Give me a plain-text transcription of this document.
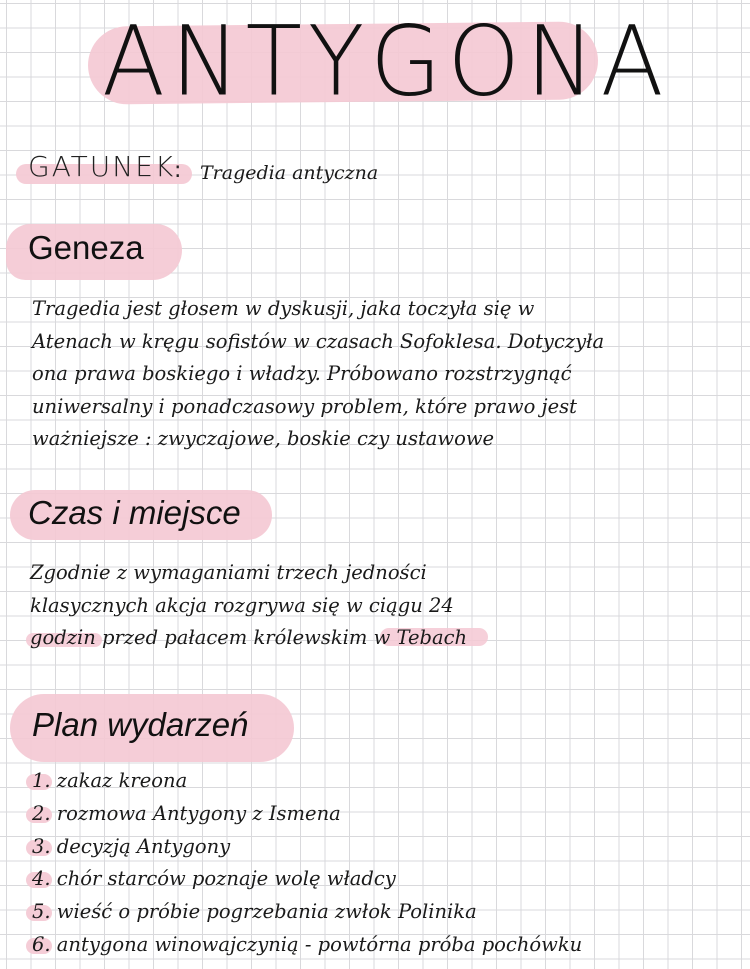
ANTYGONA
GATUNEK
: Tragedia antyczna
Geneza
Tragedia jest głosem w dyskusji, jaka toczyła się w
Atenach w kręgu sofistów w czasach Sofoklesa. Dotyczyła
ona prawa boskiego i władzy. Próbowano rozstrzygnąć
uniwersalny i ponadczasowy problem, które prawo jest
ważniejsze : zwyczajowe, boskie czy ustawowe
Czas i miejsce
Zgodnie z wymaganiami trzech jedności
klasycznych akcja rozgrywa się w ciągu 24
godzin przed pałacem królewskim w Tebach
Plan wydarzeń
1. zakaz kreona
2. rozmowa Antygony z Ismena
3. decyzją Antygony
4. chór starców poznaje wolę władcy
5. wieść o próbie pogrzebania zwłok Polinika
6. antygona winowajczynią - powtórna próba pochówku
